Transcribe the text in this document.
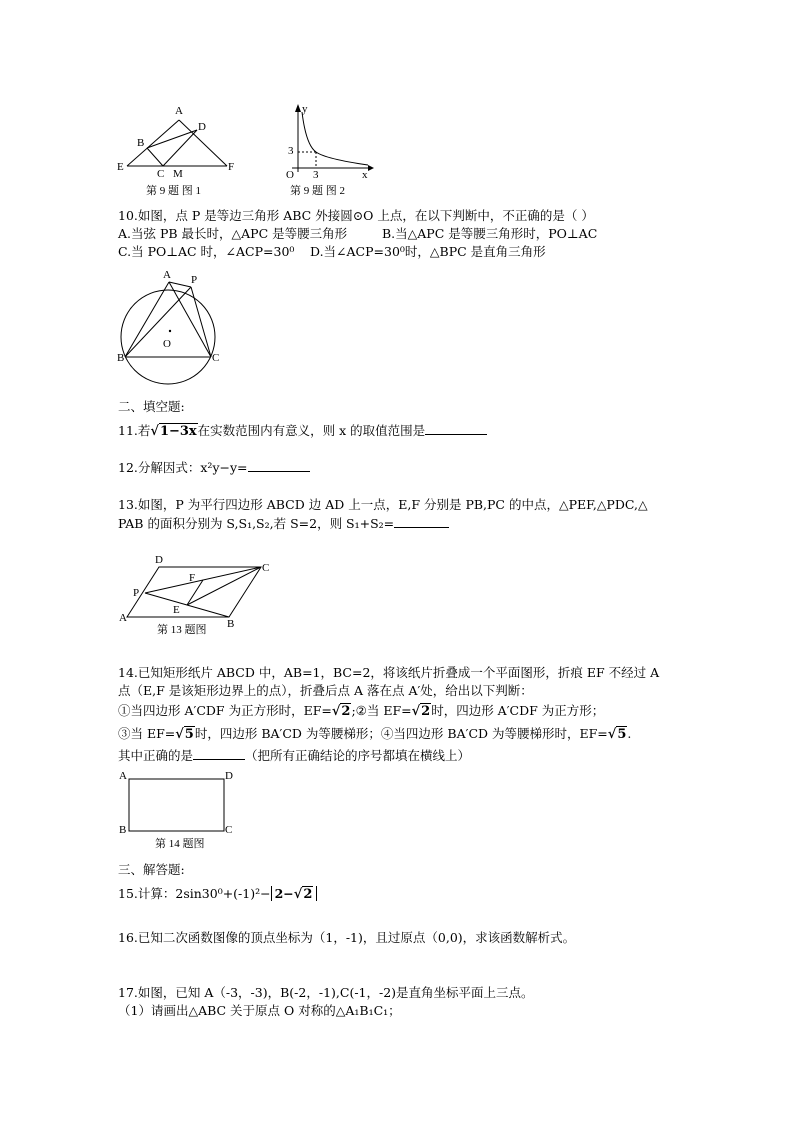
A
B
D
E	F
C M
第 9 题 图 1
y
x
O
3
3
第 9 题 图 2
10.如图，点 P 是等边三角形 ABC 外接圆⊙O 上点，在以下判断中，不正确的是（ ）
A.当弦 PB 最长时，△APC 是等腰三角形	B.当△APC 是等腰三角形时，PO⊥AC
C.当 PO⊥AC 时，∠ACP=30⁰ D.当∠ACP=30⁰时，△BPC 是直角三角形
A P
O
B	C
二、填空题:
11.若√1−3x在实数范围内有意义，则 x 的取值范围是
12.分解因式：x²y−y=
13.如图，P 为平行四边形 ABCD 边 AD 上一点，E,F 分别是 PB,PC 的中点，△PEF,△PDC,△
PAB 的面积分别为 S,S₁,S₂,若 S=2，则 S₁+S₂=
D
C
F
P
E
A	B
第 13 题图
14.已知矩形纸片 ABCD 中，AB=1，BC=2，将该纸片折叠成一个平面图形，折痕 EF 不经过 A
点（E,F 是该矩形边界上的点），折叠后点 A 落在点 A′处，给出以下判断：
①当四边形 A′CDF 为正方形时，EF=√2;②当 EF=√2时，四边形 A′CDF 为正方形；
③当 EF=√5时，四边形 BA′CD 为等腰梯形；④当四边形 BA′CD 为等腰梯形时，EF=√5.
其中正确的是	（把所有正确结论的序号都填在横线上）
A	D
B	C
第 14 题图
三、解答题:
15.计算：2sin30⁰+(-1)²− 2−√2
16.已知二次函数图像的顶点坐标为（1，-1)，且过原点（0,0)，求该函数解析式。
17.如图，已知 A（-3，-3)，B(-2，-1),C(-1，-2)是直角坐标平面上三点。
（1）请画出△ABC 关于原点 O 对称的△A₁B₁C₁；
